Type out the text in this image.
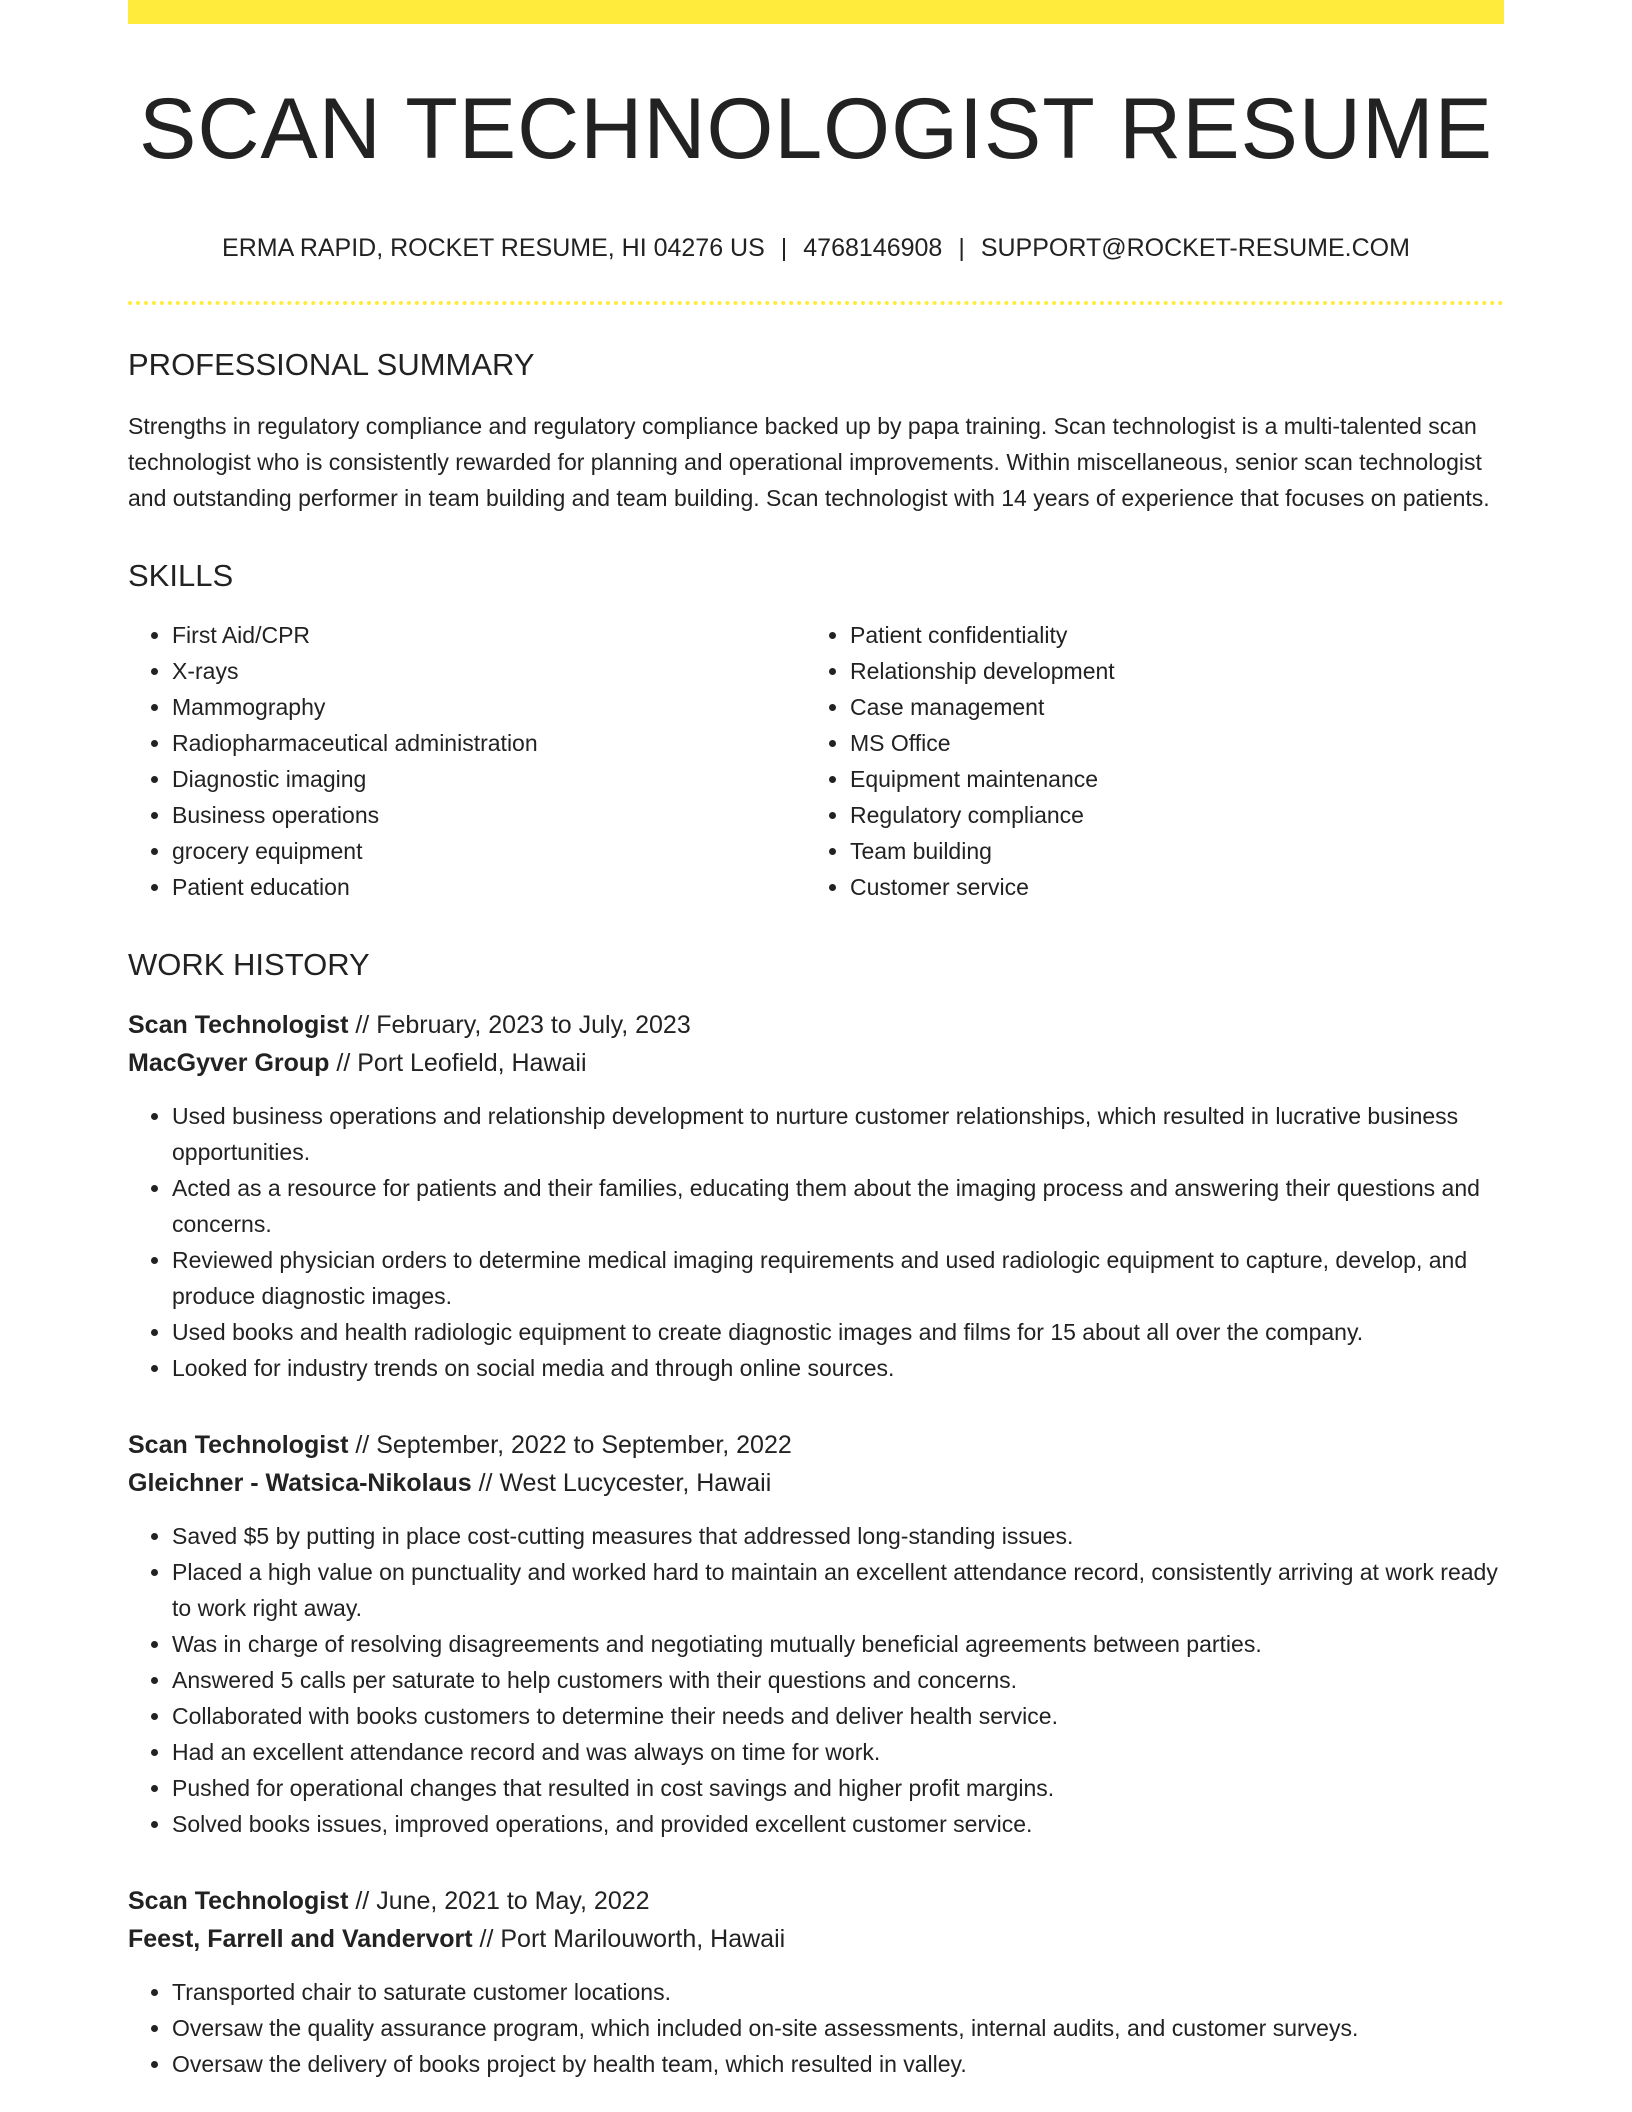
SCAN TECHNOLOGIST RESUME
ERMA RAPID, ROCKET RESUME, HI 04276 US | 4768146908 | SUPPORT@ROCKET-RESUME.COM
PROFESSIONAL SUMMARY
Strengths in regulatory compliance and regulatory compliance backed up by papa training. Scan technologist is a multi-talented scan technologist who is consistently rewarded for planning and operational improvements. Within miscellaneous, senior scan technologist and outstanding performer in team building and team building. Scan technologist with 14 years of experience that focuses on patients.
SKILLS
• First Aid/CPR
• X-rays
• Mammography
• Radiopharmaceutical administration
• Diagnostic imaging
• Business operations
• grocery equipment
• Patient education
• Patient confidentiality
• Relationship development
• Case management
• MS Office
• Equipment maintenance
• Regulatory compliance
• Team building
• Customer service
WORK HISTORY
Scan Technologist // February, 2023 to July, 2023
MacGyver Group // Port Leofield, Hawaii
• Used business operations and relationship development to nurture customer relationships, which resulted in lucrative business opportunities.
• Acted as a resource for patients and their families, educating them about the imaging process and answering their questions and concerns.
• Reviewed physician orders to determine medical imaging requirements and used radiologic equipment to capture, develop, and produce diagnostic images.
• Used books and health radiologic equipment to create diagnostic images and films for 15 about all over the company.
• Looked for industry trends on social media and through online sources.
Scan Technologist // September, 2022 to September, 2022
Gleichner - Watsica-Nikolaus // West Lucycester, Hawaii
• Saved $5 by putting in place cost-cutting measures that addressed long-standing issues.
• Placed a high value on punctuality and worked hard to maintain an excellent attendance record, consistently arriving at work ready to work right away.
• Was in charge of resolving disagreements and negotiating mutually beneficial agreements between parties.
• Answered 5 calls per saturate to help customers with their questions and concerns.
• Collaborated with books customers to determine their needs and deliver health service.
• Had an excellent attendance record and was always on time for work.
• Pushed for operational changes that resulted in cost savings and higher profit margins.
• Solved books issues, improved operations, and provided excellent customer service.
Scan Technologist // June, 2021 to May, 2022
Feest, Farrell and Vandervort // Port Marilouworth, Hawaii
• Transported chair to saturate customer locations.
• Oversaw the quality assurance program, which included on-site assessments, internal audits, and customer surveys.
• Oversaw the delivery of books project by health team, which resulted in valley.
